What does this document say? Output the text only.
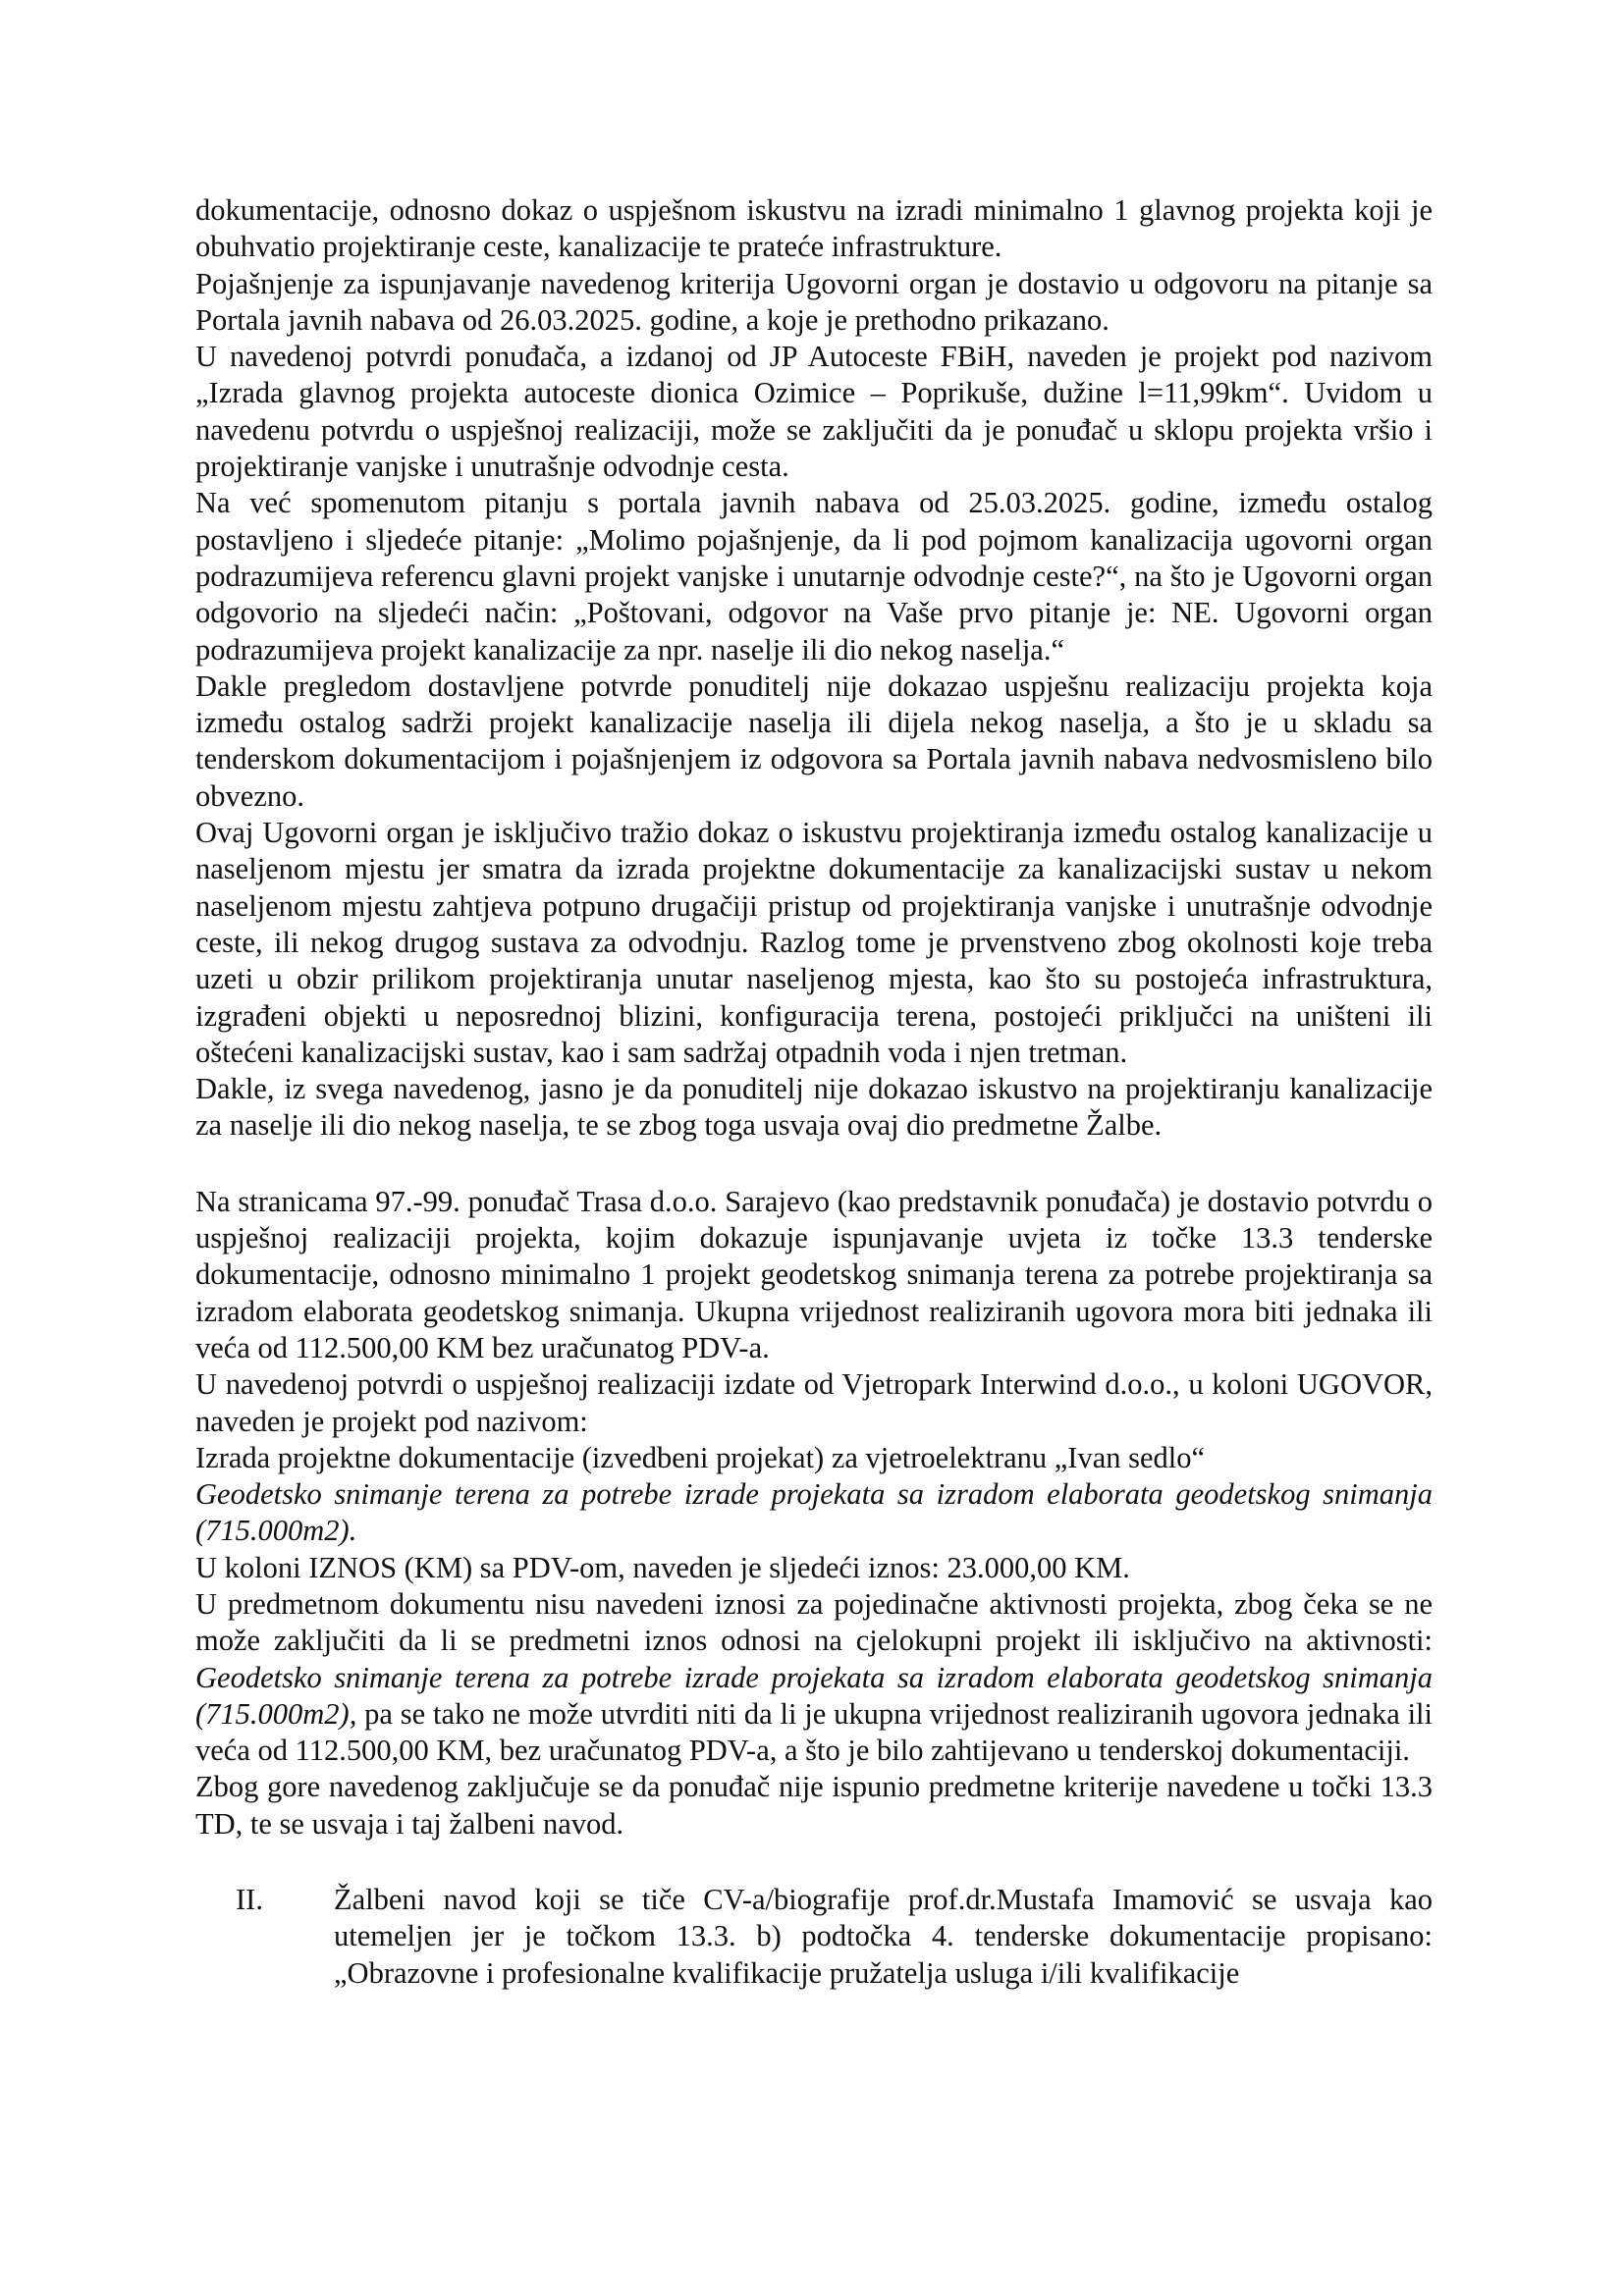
dokumentacije, odnosno dokaz o uspješnom iskustvu na izradi minimalno 1 glavnog projekta koji je obuhvatio projektiranje ceste, kanalizacije te prateće infrastrukture.

Pojašnjenje za ispunjavanje navedenog kriterija Ugovorni organ je dostavio u odgovoru na pitanje sa Portala javnih nabava od 26.03.2025. godine, a koje je prethodno prikazano.

U navedenoj potvrdi ponuđača, a izdanoj od JP Autoceste FBiH, naveden je projekt pod nazivom „Izrada glavnog projekta autoceste dionica Ozimice – Poprikuše, dužine l=11,99km“. Uvidom u navedenu potvrdu o uspješnoj realizaciji, može se zaključiti da je ponuđač u sklopu projekta vršio i projektiranje vanjske i unutrašnje odvodnje cesta.

Na već spomenutom pitanju s portala javnih nabava od 25.03.2025. godine, između ostalog postavljeno i sljedeće pitanje: „Molimo pojašnjenje, da li pod pojmom kanalizacija ugovorni organ podrazumijeva referencu glavni projekt vanjske i unutarnje odvodnje ceste?“, na što je Ugovorni organ odgovorio na sljedeći način: „Poštovani, odgovor na Vaše prvo pitanje je: NE. Ugovorni organ podrazumijeva projekt kanalizacije za npr. naselje ili dio nekog naselja.“

Dakle pregledom dostavljene potvrde ponuditelj nije dokazao uspješnu realizaciju projekta koja između ostalog sadrži projekt kanalizacije naselja ili dijela nekog naselja, a što je u skladu sa tenderskom dokumentacijom i pojašnjenjem iz odgovora sa Portala javnih nabava nedvosmisleno bilo obvezno.

Ovaj Ugovorni organ je isključivo tražio dokaz o iskustvu projektiranja između ostalog kanalizacije u naseljenom mjestu jer smatra da izrada projektne dokumentacije za kanalizacijski sustav u nekom naseljenom mjestu zahtjeva potpuno drugačiji pristup od projektiranja vanjske i unutrašnje odvodnje ceste, ili nekog drugog sustava za odvodnju. Razlog tome je prvenstveno zbog okolnosti koje treba uzeti u obzir prilikom projektiranja unutar naseljenog mjesta, kao što su postojeća infrastruktura, izgrađeni objekti u neposrednoj blizini, konfiguracija terena, postojeći priključci na uništeni ili oštećeni kanalizacijski sustav, kao i sam sadržaj otpadnih voda i njen tretman.

Dakle, iz svega navedenog, jasno je da ponuditelj nije dokazao iskustvo na projektiranju kanalizacije za naselje ili dio nekog naselja, te se zbog toga usvaja ovaj dio predmetne Žalbe.

Na stranicama 97.-99. ponuđač Trasa d.o.o. Sarajevo (kao predstavnik ponuđača) je dostavio potvrdu o uspješnoj realizaciji projekta, kojim dokazuje ispunjavanje uvjeta iz točke 13.3 tenderske dokumentacije, odnosno minimalno 1 projekt geodetskog snimanja terena za potrebe projektiranja sa izradom elaborata geodetskog snimanja. Ukupna vrijednost realiziranih ugovora mora biti jednaka ili veća od 112.500,00 KM bez uračunatog PDV-a.

U navedenoj potvrdi o uspješnoj realizaciji izdate od Vjetropark Interwind d.o.o., u koloni UGOVOR, naveden je projekt pod nazivom:

Izrada projektne dokumentacije (izvedbeni projekat) za vjetroelektranu „Ivan sedlo“

Geodetsko snimanje terena za potrebe izrade projekata sa izradom elaborata geodetskog snimanja (715.000m2).

U koloni IZNOS (KM) sa PDV-om, naveden je sljedeći iznos: 23.000,00 KM.

U predmetnom dokumentu nisu navedeni iznosi za pojedinačne aktivnosti projekta, zbog čeka se ne može zaključiti da li se predmetni iznos odnosi na cjelokupni projekt ili isključivo na aktivnosti: Geodetsko snimanje terena za potrebe izrade projekata sa izradom elaborata geodetskog snimanja (715.000m2), pa se tako ne može utvrditi niti da li je ukupna vrijednost realiziranih ugovora jednaka ili veća od 112.500,00 KM, bez uračunatog PDV-a, a što je bilo zahtijevano u tenderskoj dokumentaciji.

Zbog gore navedenog zaključuje se da ponuđač nije ispunio predmetne kriterije navedene u točki 13.3 TD, te se usvaja i taj žalbeni navod.

II. Žalbeni navod koji se tiče CV-a/biografije prof.dr.Mustafa Imamović se usvaja kao utemeljen jer je točkom 13.3. b) podtočka 4. tenderske dokumentacije propisano: „Obrazovne i profesionalne kvalifikacije pružatelja usluga i/ili kvalifikacije
